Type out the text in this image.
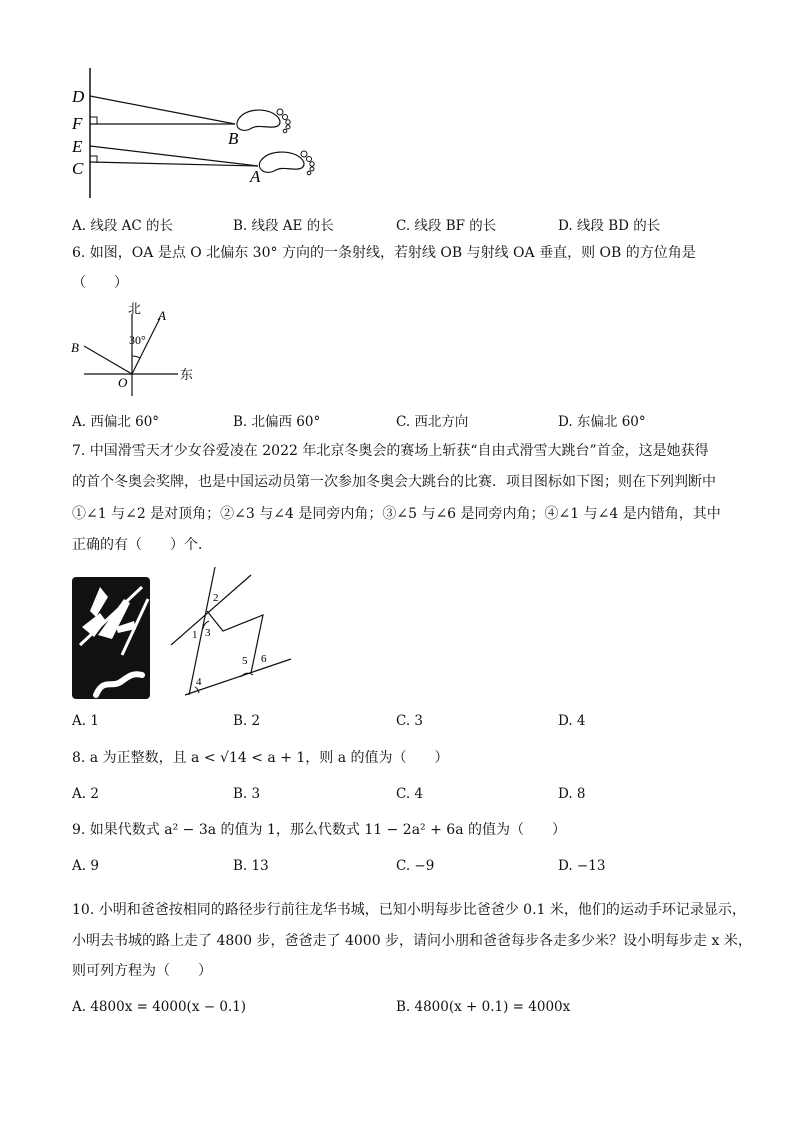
D
F
E
C
B
A
A. 线段 AC 的长	B. 线段 AE 的长	C. 线段 BF 的长	D. 线段 BD 的长
6. 如图，OA 是点 O 北偏东 30° 方向的一条射线，若射线 OB 与射线 OA 垂直，则 OB 的方位角是
（　　）
北
东
30°
A
B
O
A. 西偏北 60°	B. 北偏西 60°	C. 西北方向	D. 东偏北 60°
7. 中国滑雪天才少女谷爱凌在 2022 年北京冬奥会的赛场上斩获“自由式滑雪大跳台”首金，这是她获得
的首个冬奥会奖牌，也是中国运动员第一次参加冬奥会大跳台的比赛．项目图标如下图；则在下列判断中
①∠1 与∠2 是对顶角；②∠3 与∠4 是同旁内角；③∠5 与∠6 是同旁内角；④∠1 与∠4 是内错角，其中
正确的有（　　）个．
1
2
3
4
5 6
A. 1	B. 2	C. 3	D. 4
8. a 为正整数，且 a < √14 < a + 1，则 a 的值为（　　）
A. 2	B. 3	C. 4	D. 8
9. 如果代数式 a² − 3a 的值为 1，那么代数式 11 − 2a² + 6a 的值为（　　）
A. 9	B. 13	C. −9	D. −13
10. 小明和爸爸按相同的路径步行前往龙华书城，已知小明每步比爸爸少 0.1 米，他们的运动手环记录显示，
小明去书城的路上走了 4800 步，爸爸走了 4000 步，请问小朋和爸爸每步各走多少米？设小明每步走 x 米，
则可列方程为（　　）
A. 4800x = 4000(x − 0.1)	B. 4800(x + 0.1) = 4000x
